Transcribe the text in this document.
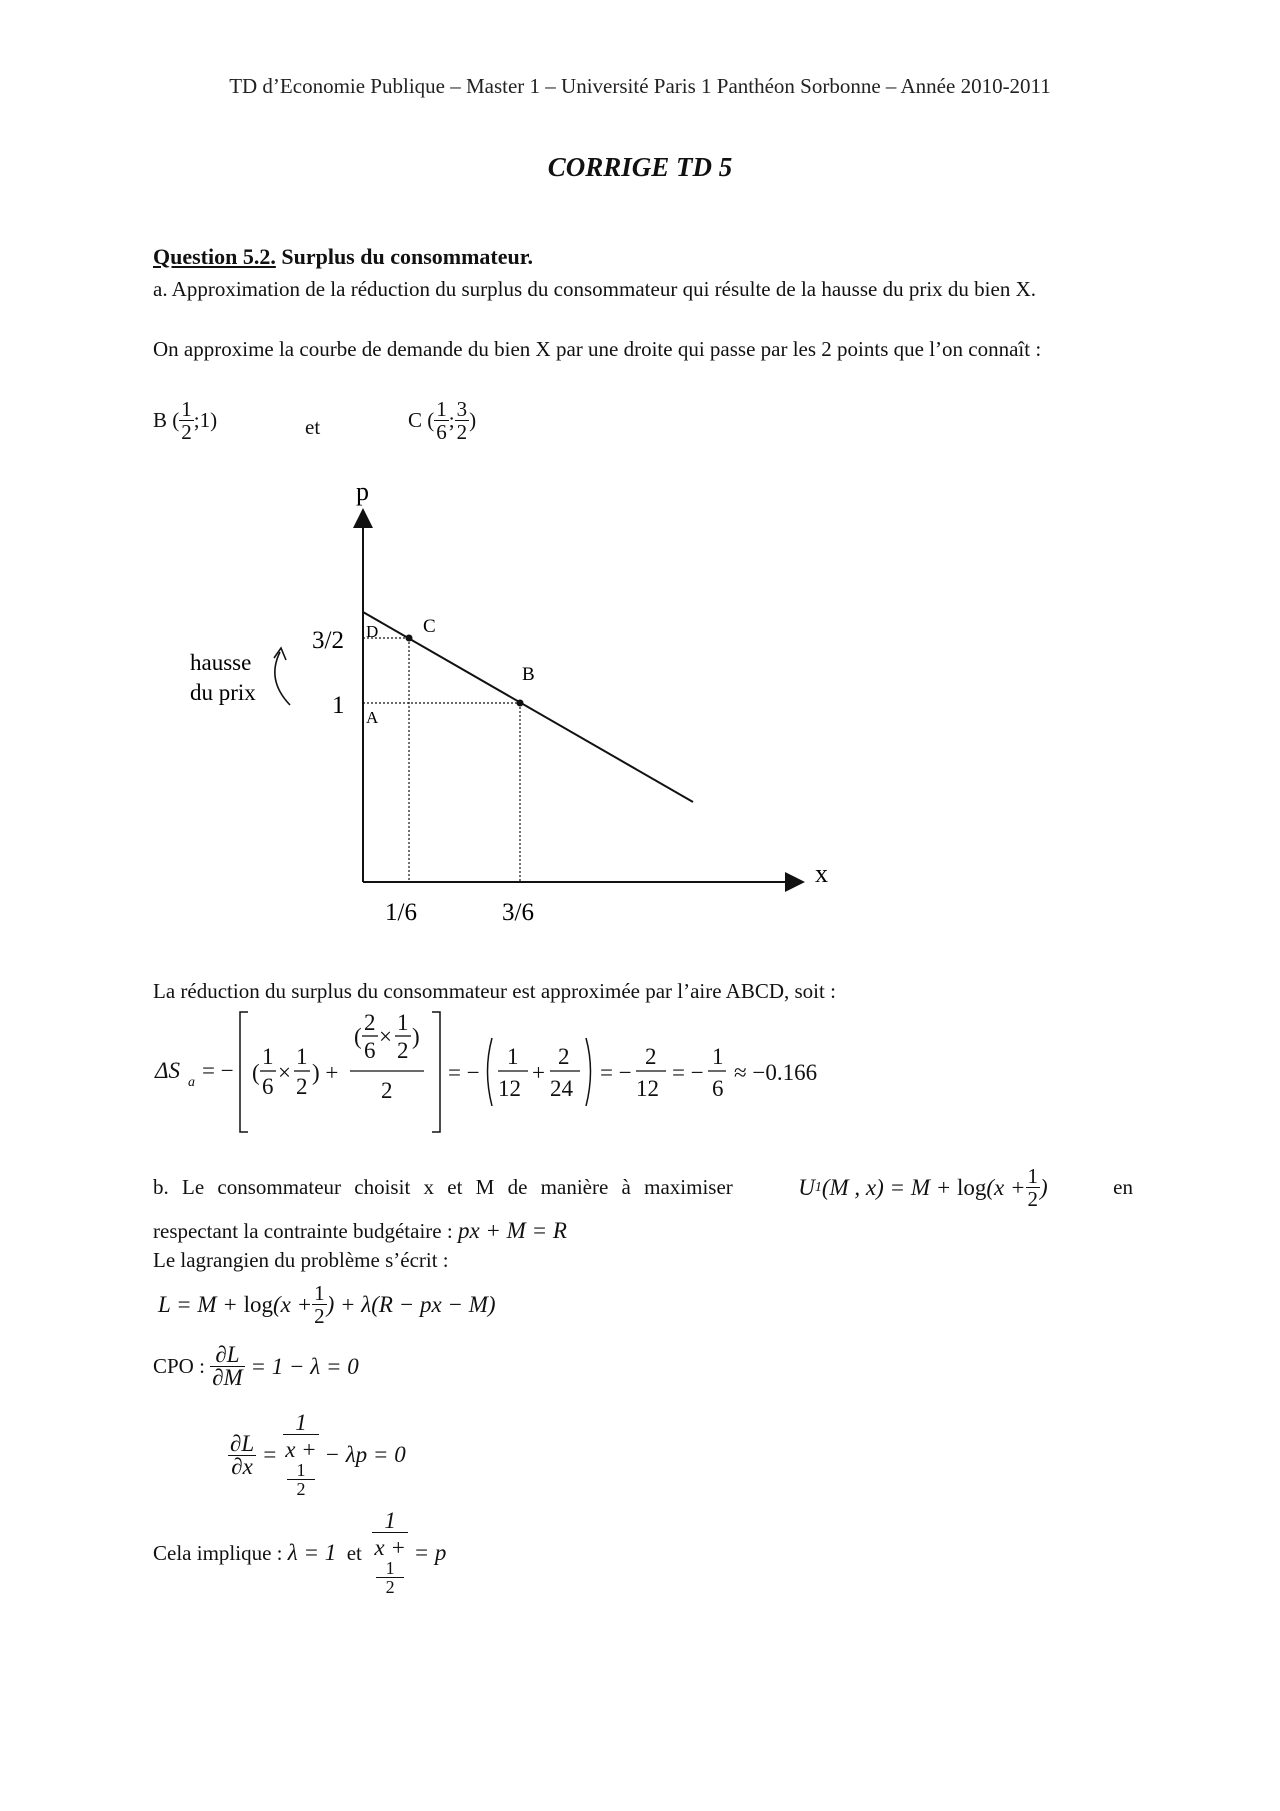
TD d’Economie Publique – Master 1 – Université Paris 1 Panthéon Sorbonne – Année 2010-2011
CORRIGE TD 5
Question 5.2. Surplus du consommateur.
a. Approximation de la réduction du surplus du consommateur qui résulte de la hausse du prix du bien X.
On approxime la courbe de demande du bien X par une droite qui passe par les 2 points que l’on connaît :
B ( $\frac{1}{2}$ ; 1 )	et	C ( $\frac{1}{6}$ ; $\frac{3}{2}$ )
p
x
C
B
D
A
3/2
1
1/6	3/6
hausse
du prix
La réduction du surplus du consommateur est approximée par l’aire ABCD, soit :
ΔS a = − (
1
6
×
1
2
) +
(
2
6
×
1
2
)
2
= −
1
12
+
2
24
= −
2
12
= −
1
6
≈ −0.166
b. Le consommateur choisit x et M de manière à maximiser	U 1 (M , $x) = M + \log (x + \frac{1}{2}$ )	en
respectant la contrainte budgétaire :
px + M = R
Le lagrangien du problème s’écrit :
$L = M + \log (x + \frac{1}{2}$ ) + λ(R − px − M)
CPO :
$\frac{\partial L}{\partial M} = 1 - \lambda = 0$
$\frac{\partial L}{\partial x} = 1$
x +
1
2 − λp = 0
Cela implique :
λ = 1
et
1
x +
1
2 = p
